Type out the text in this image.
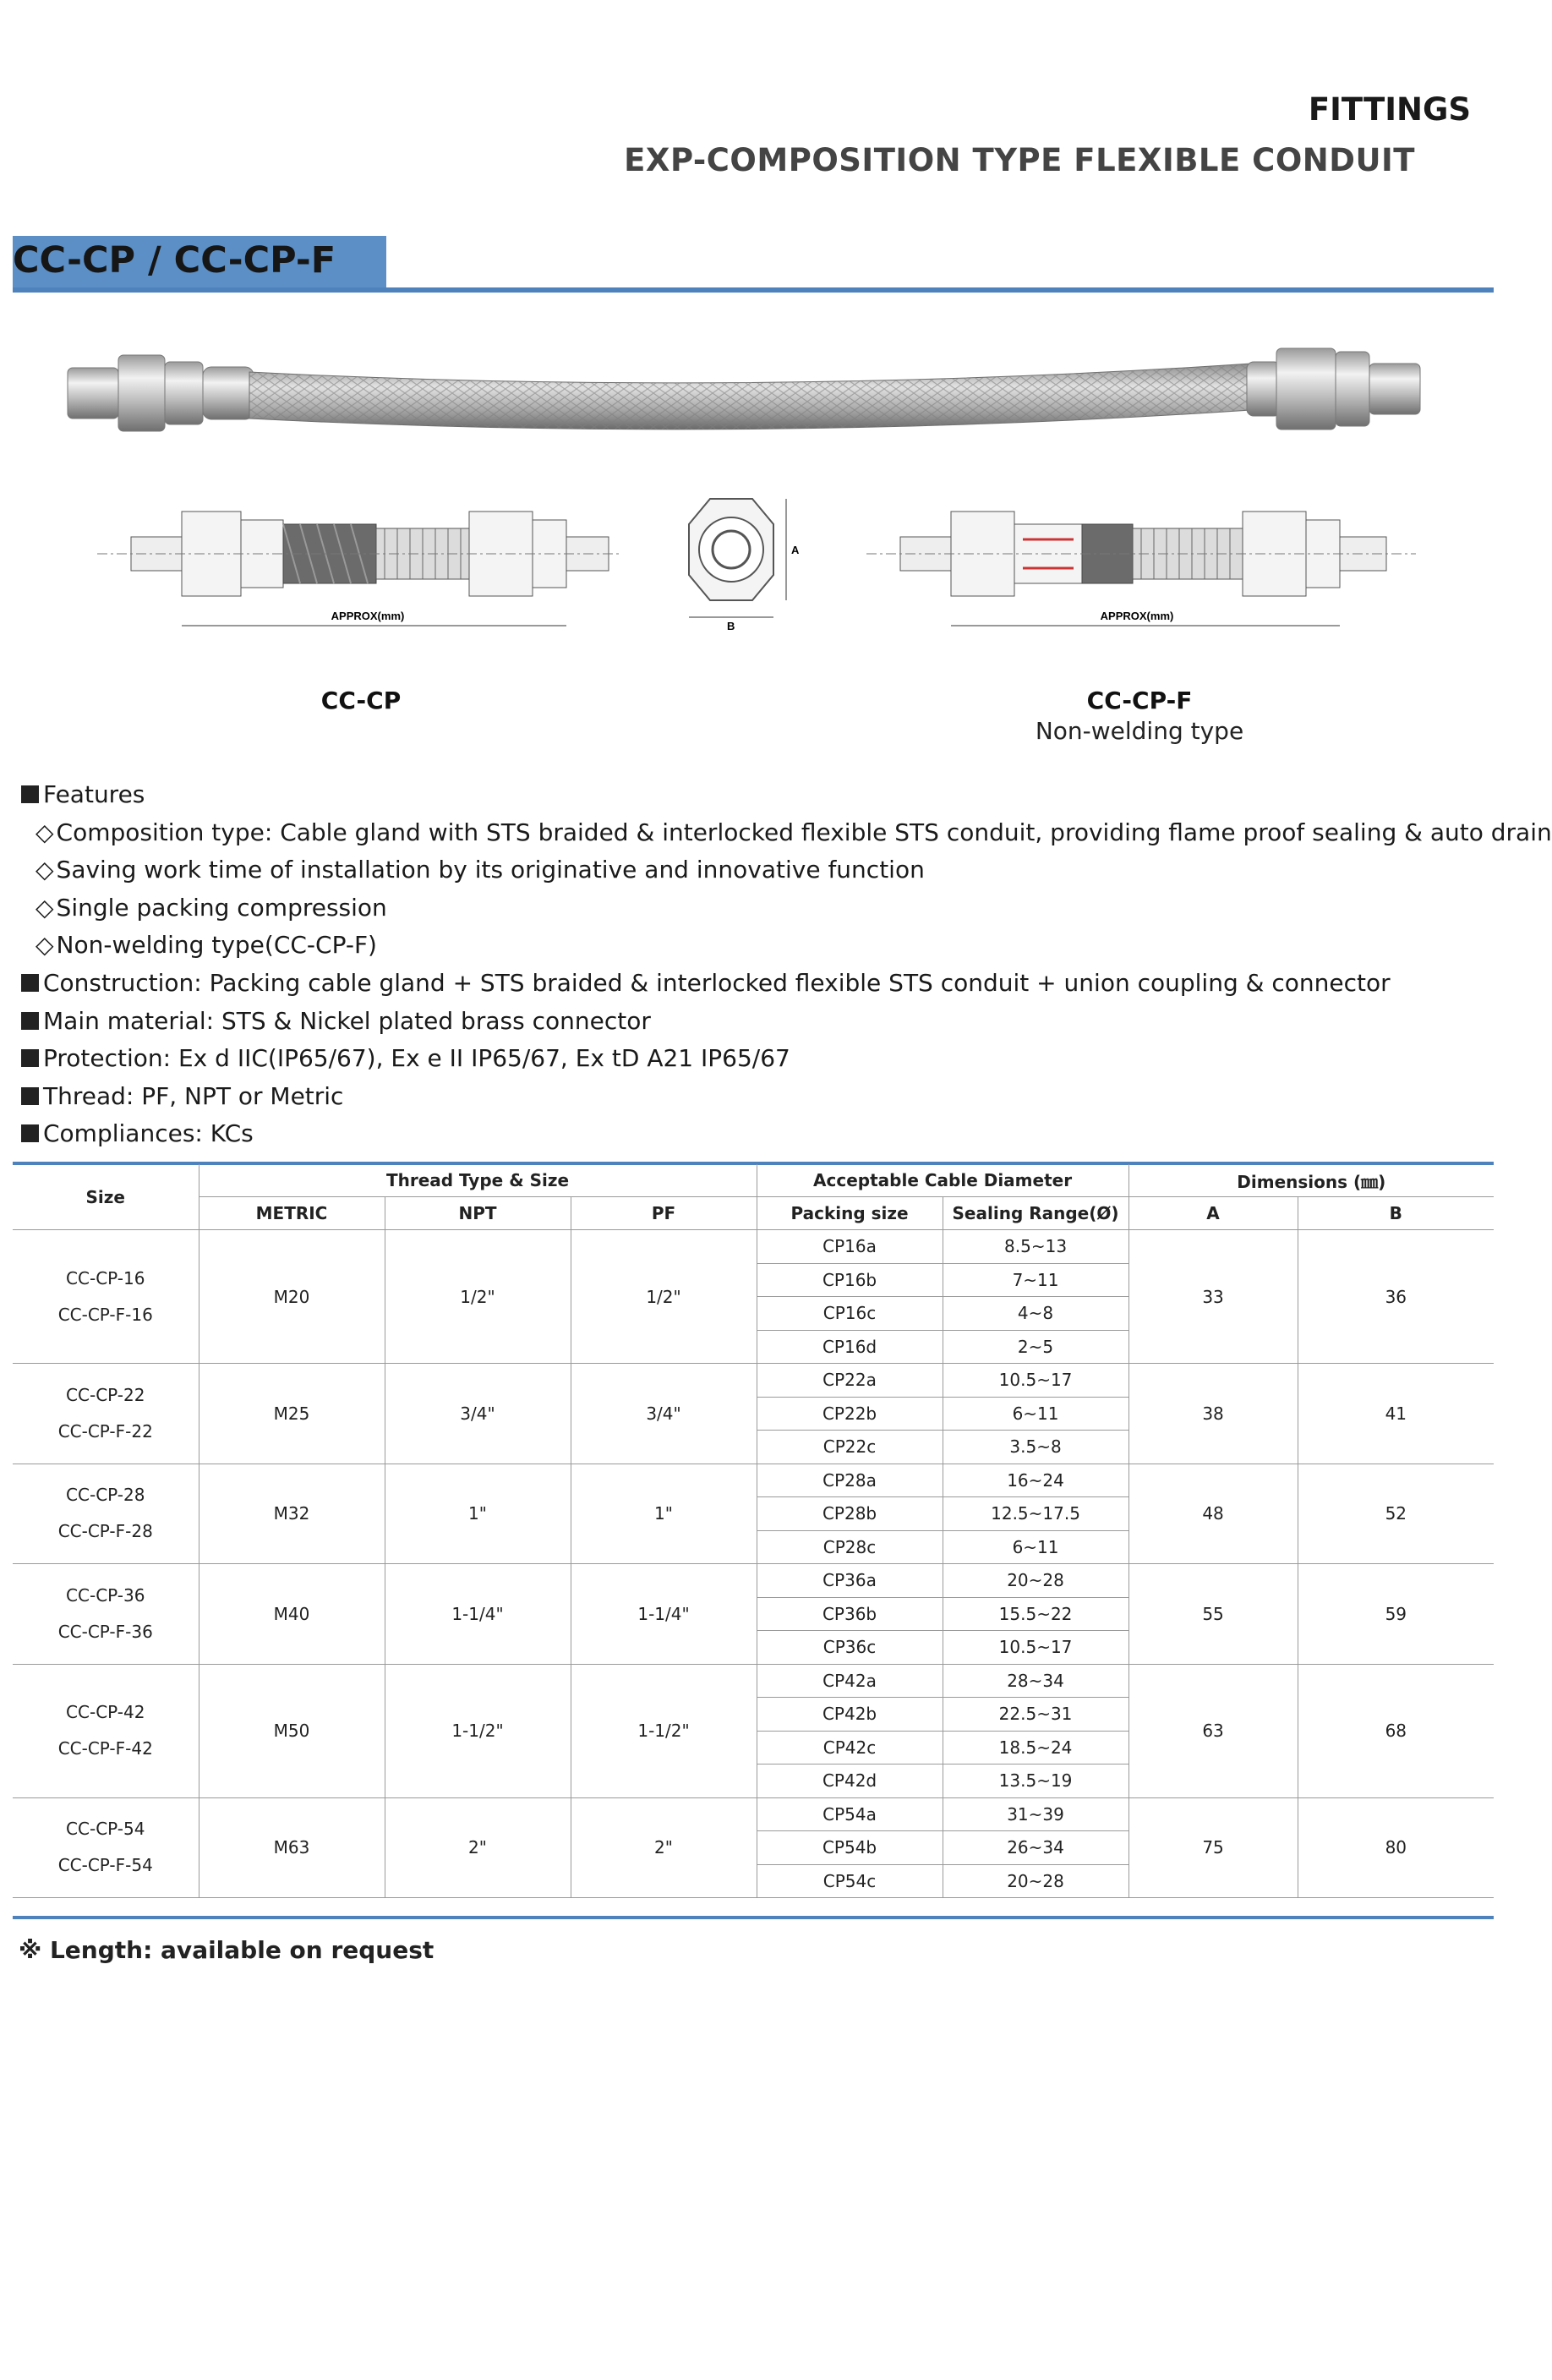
FITTINGS
EXP-COMPOSITION TYPE FLEXIBLE CONDUIT
CC-CP / CC-CP-F
APPROX(mm)
A
B
APPROX(mm)
CC-CP	CC-CP-F
Non-welding type
Features
◇ Composition type: Cable gland with STS braided & interlocked flexible STS conduit, providing flame proof sealing & auto drain
◇ Saving work time of installation by its originative and innovative function
◇ Single packing compression
◇ Non-welding type(CC-CP-F)
Construction: Packing cable gland + STS braided & interlocked flexible STS conduit + union coupling & connector
Main material: STS & Nickel plated brass connector
Protection: Ex d IIC(IP65/67), Ex e II IP65/67, Ex tD A21 IP65/67
Thread: PF, NPT or Metric
Compliances: KCs
Size	Thread Type & Size			Acceptable Cable Diameter		Dimensions (㎜)	
	METRIC	NPT	PF	Packing size	Sealing Range(Ø)	A	B

CC-CP-16
CC-CP-F-16	M20	1/2"	1/2"	CP16a	8.5~13	33	36
				CP16b	7~11		
				CP16c	4~8		
				CP16d	2~5		

CC-CP-22
CC-CP-F-22	M25	3/4"	3/4"	CP22a	10.5~17	38	41
				CP22b	6~11		
				CP22c	3.5~8		

CC-CP-28
CC-CP-F-28	M32	1"	1"	CP28a	16~24	48	52
				CP28b	12.5~17.5		
				CP28c	6~11		

CC-CP-36
CC-CP-F-36	M40	1-1/4"	1-1/4"	CP36a	20~28	55	59
				CP36b	15.5~22		
				CP36c	10.5~17		

CC-CP-42
CC-CP-F-42	M50	1-1/2"	1-1/2"	CP42a	28~34	63	68
				CP42b	22.5~31		
				CP42c	18.5~24		
				CP42d	13.5~19		

CC-CP-54
CC-CP-F-54	M63	2"	2"	CP54a	31~39	75	80
				CP54b	26~34		
				CP54c	20~28		
※ Length: available on request
